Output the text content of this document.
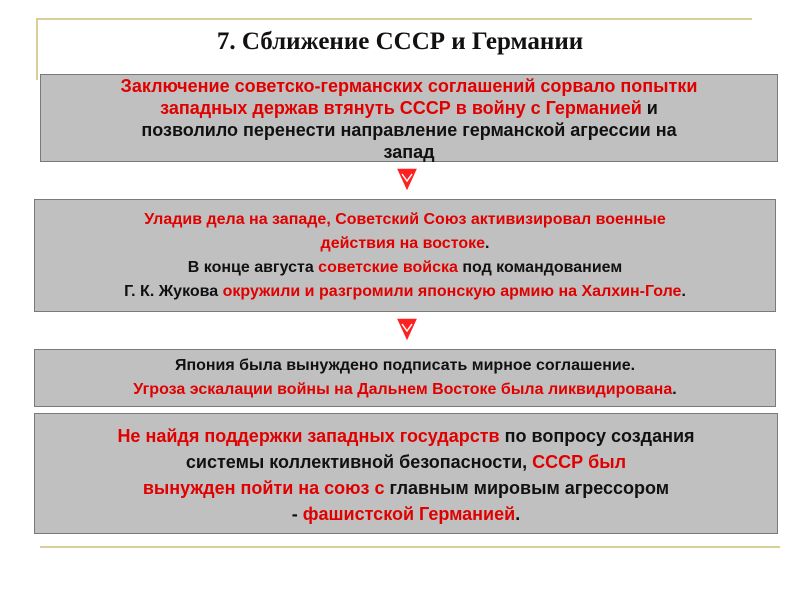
7. Сближение СССР и Германии
Заключение советско-германских соглашений сорвало попытки
западных держав втянуть СССР в войну с Германией и
позволило перенести направление германской агрессии на
запад
Уладив дела на западе, Советский Союз активизировал военные
действия на востоке.
В конце августа советские войска под командованием
Г. К. Жукова окружили и разгромили японскую армию на Халхин-Голе.
Япония была вынуждено подписать мирное соглашение.
Угроза эскалации войны на Дальнем Востоке была ликвидирована.
Не найдя поддержки западных государств по вопросу создания
системы коллективной безопасности, СССР был
вынужден пойти на союз с главным мировым агрессором
- фашистской Германией.
